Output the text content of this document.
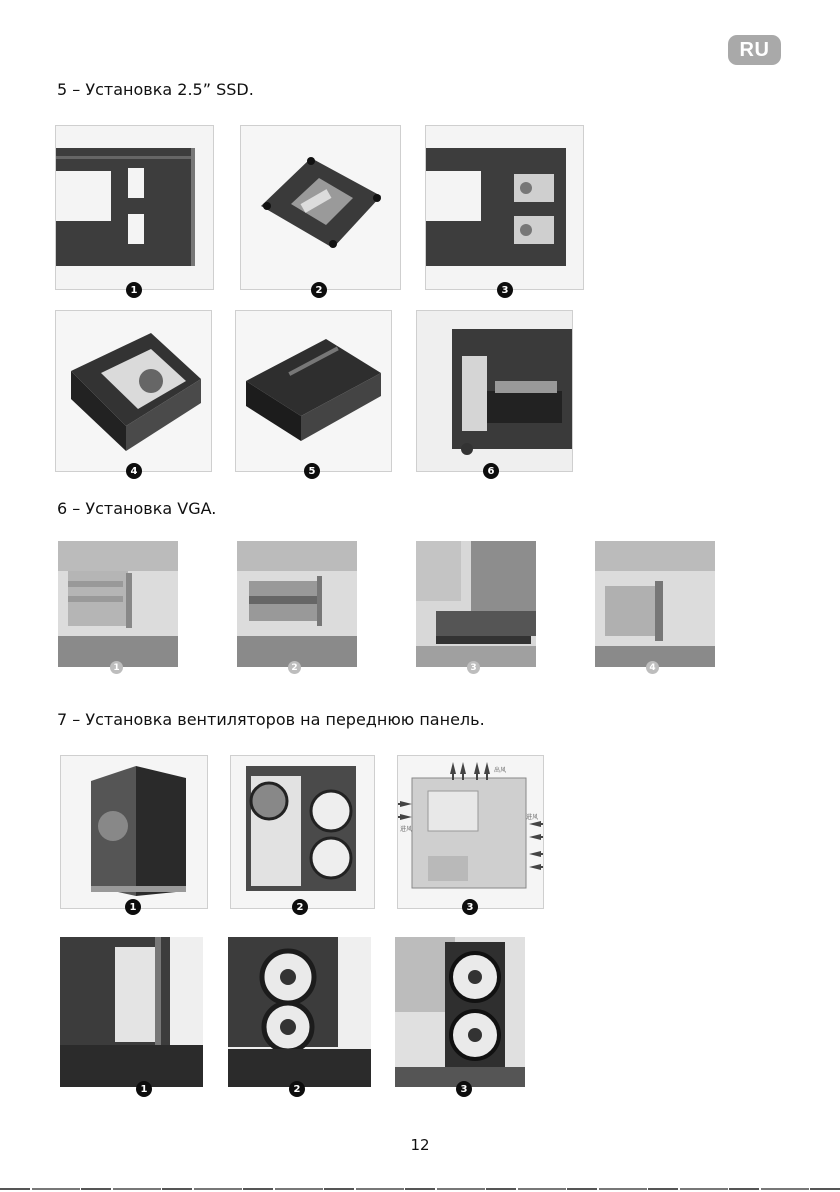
RU
5 – Установка 2.5” SSD.
1	2	3
4	5	6
6 – Установка VGA.
1	2	3	4
7 – Установка вентиляторов на переднюю панель.
出风
进风
进风
1	2	3
1	2	3
12
